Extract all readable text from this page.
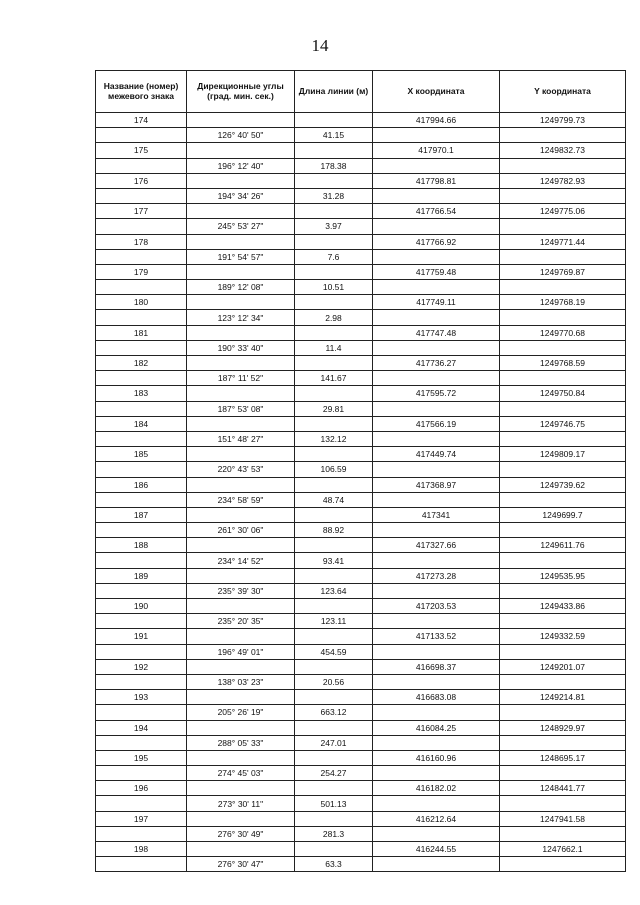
14
Название (номер) межевого знака	Дирекционные углы (град. мин. сек.)	Длина линии (м)	X координата	Y координата
174			417994.66	1249799.73
	126° 40' 50"	41.15		
175			417970.1	1249832.73
	196° 12' 40"	178.38		
176			417798.81	1249782.93
	194° 34' 26"	31.28		
177			417766.54	1249775.06
	245° 53' 27"	3.97		
178			417766.92	1249771.44
	191° 54' 57"	7.6		
179			417759.48	1249769.87
	189° 12' 08"	10.51		
180			417749.11	1249768.19
	123° 12' 34"	2.98		
181			417747.48	1249770.68
	190° 33' 40"	11.4		
182			417736.27	1249768.59
	187° 11' 52"	141.67		
183			417595.72	1249750.84
	187° 53' 08"	29.81		
184			417566.19	1249746.75
	151° 48' 27"	132.12		
185			417449.74	1249809.17
	220° 43' 53"	106.59		
186			417368.97	1249739.62
	234° 58' 59"	48.74		
187			417341	1249699.7
	261° 30' 06"	88.92		
188			417327.66	1249611.76
	234° 14' 52"	93.41		
189			417273.28	1249535.95
	235° 39' 30"	123.64		
190			417203.53	1249433.86
	235° 20' 35"	123.11		
191			417133.52	1249332.59
	196° 49' 01"	454.59		
192			416698.37	1249201.07
	138° 03' 23"	20.56		
193			416683.08	1249214.81
	205° 26' 19"	663.12		
194			416084.25	1248929.97
	288° 05' 33"	247.01		
195			416160.96	1248695.17
	274° 45' 03"	254.27		
196			416182.02	1248441.77
	273° 30' 11"	501.13		
197			416212.64	1247941.58
	276° 30' 49"	281.3		
198			416244.55	1247662.1
	276° 30' 47"	63.3		
